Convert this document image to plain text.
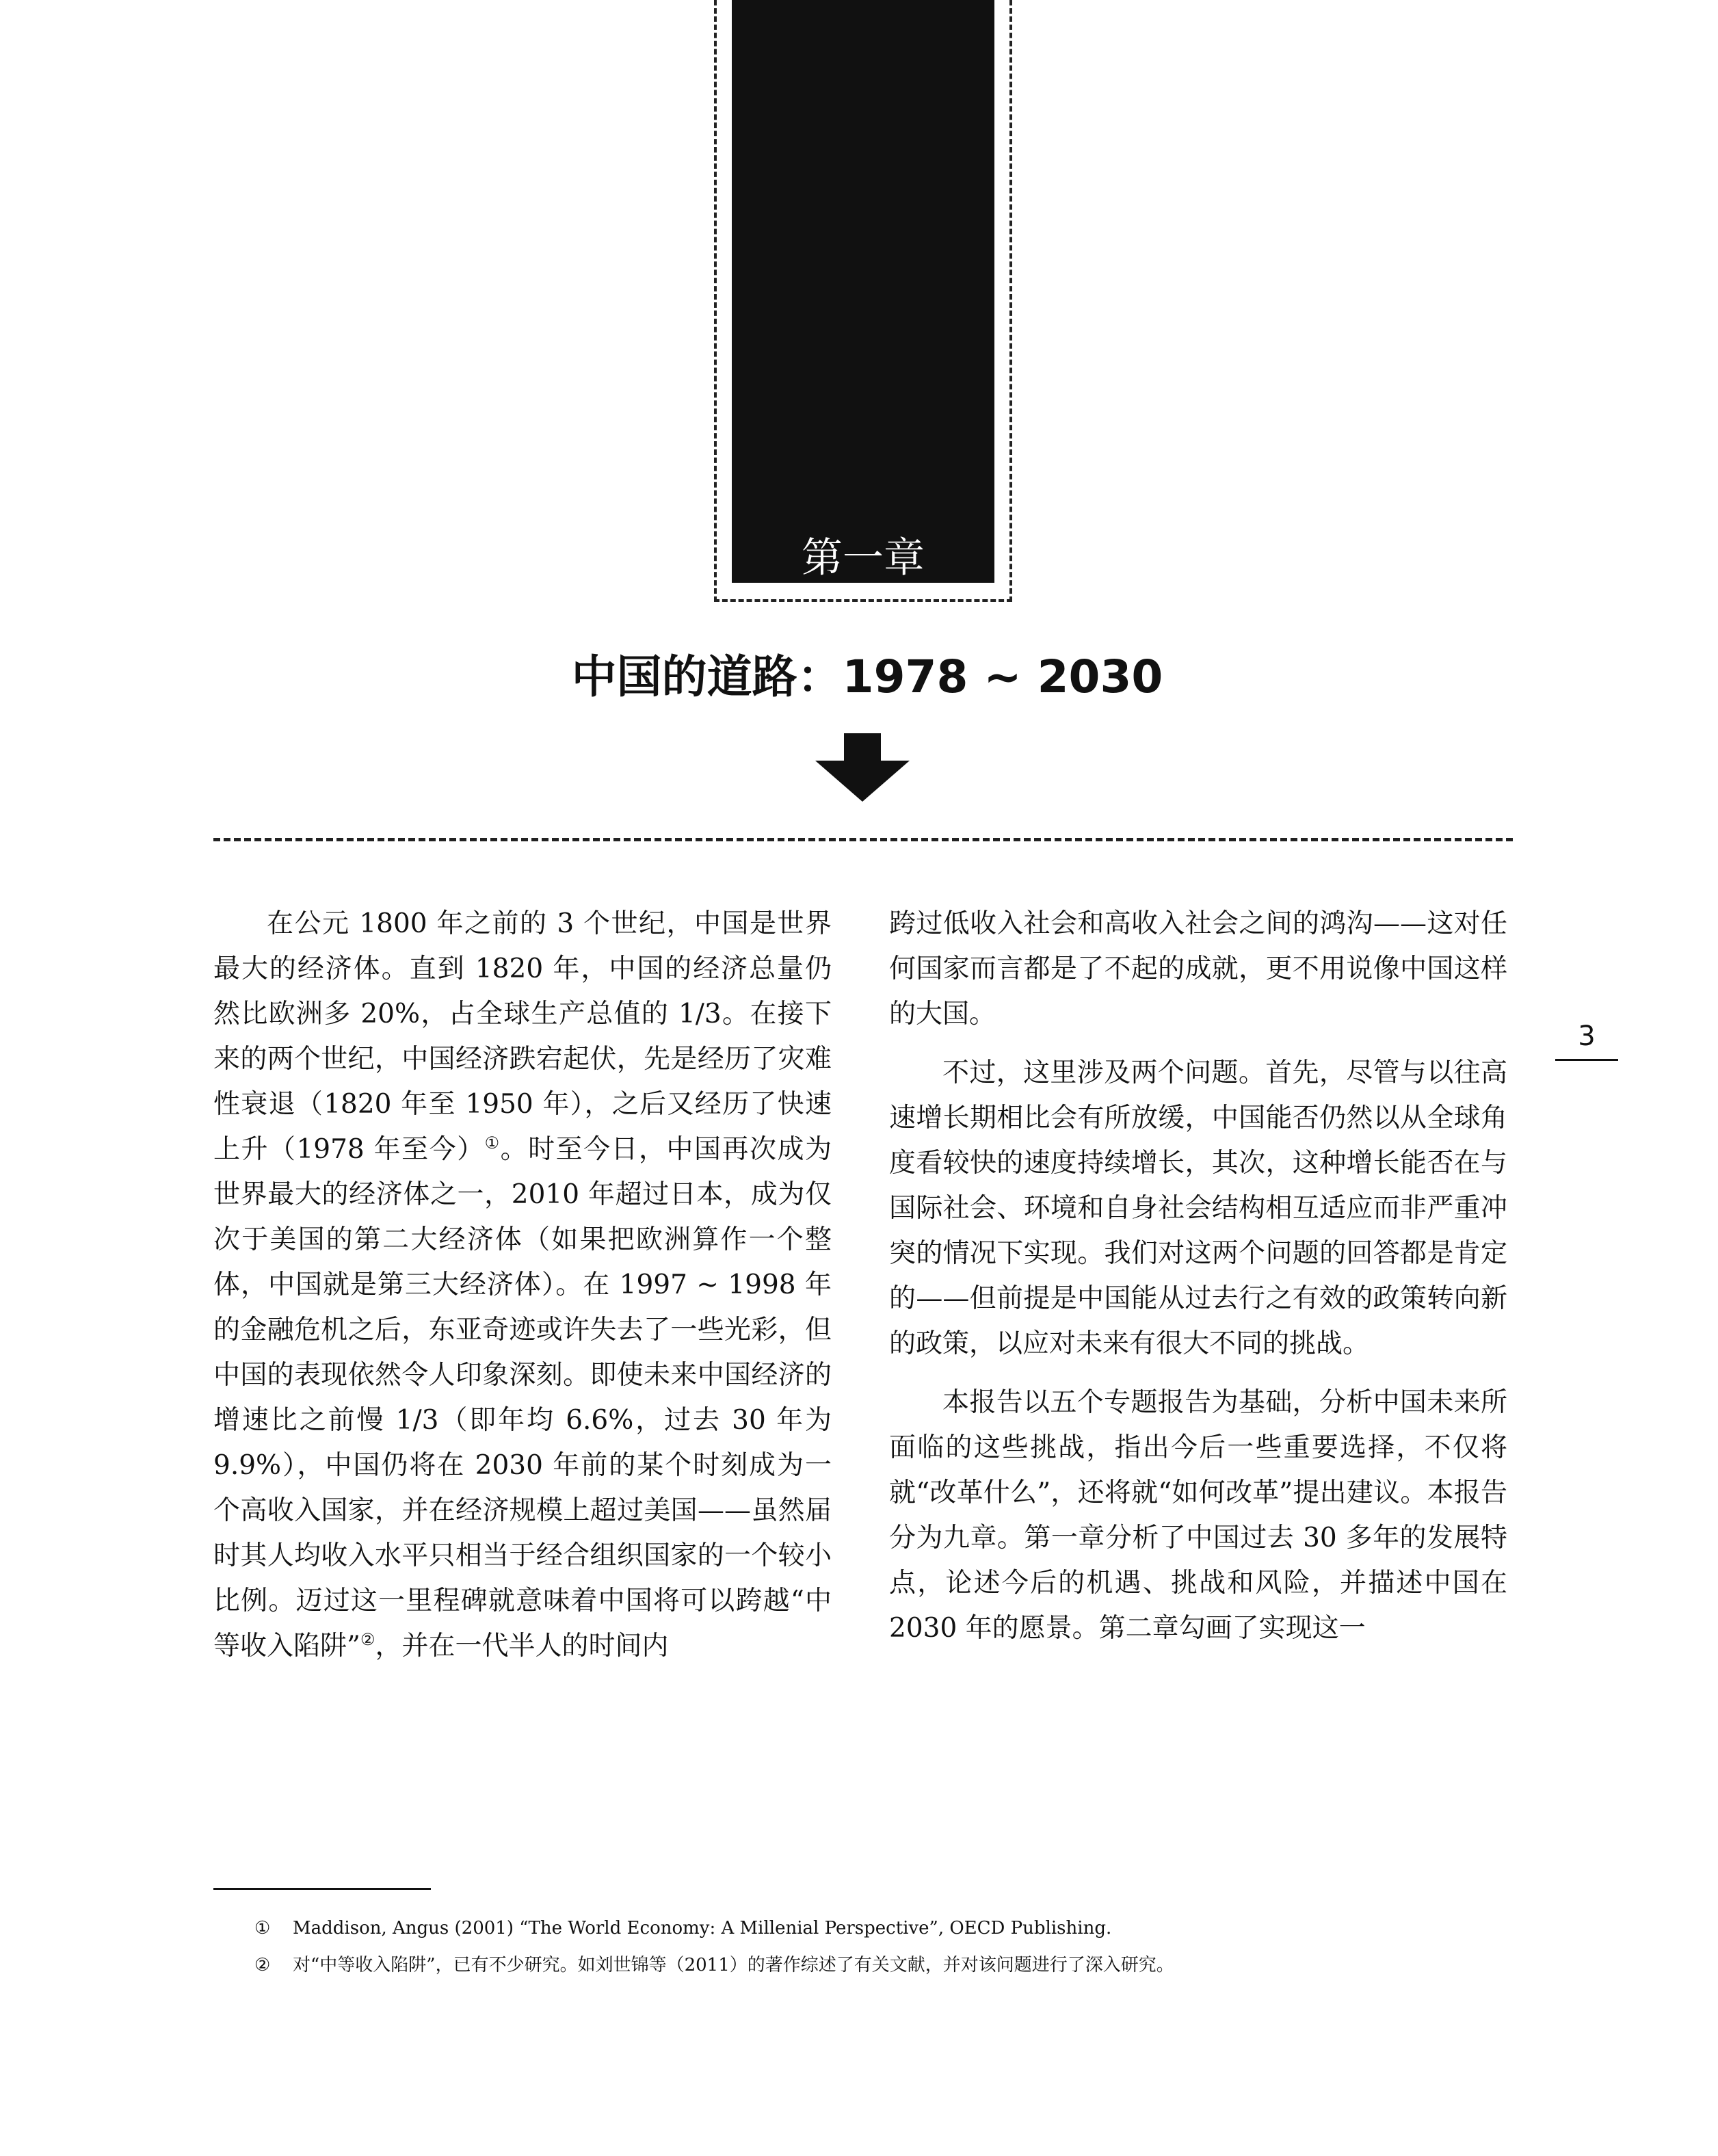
第一章
中国的道路：1978 ~ 2030

在公元 1800 年之前的 3 个世纪，中国是世界最大的经济体。直到 1820 年，中国的经济总量仍然比欧洲多 20%，占全球生产总值的 1/3。在接下来的两个世纪，中国经济跌宕起伏，先是经历了灾难性衰退（1820 年至 1950 年），之后又经历了快速上升（1978 年至今）①。时至今日，中国再次成为世界最大的经济体之一，2010 年超过日本，成为仅次于美国的第二大经济体（如果把欧洲算作一个整体，中国就是第三大经济体）。在 1997 ~ 1998 年的金融危机之后，东亚奇迹或许失去了一些光彩，但中国的表现依然令人印象深刻。即使未来中国经济的增速比之前慢 1/3（即年均 6.6%，过去 30 年为 9.9%），中国仍将在 2030 年前的某个时刻成为一个高收入国家，并在经济规模上超过美国——虽然届时其人均收入水平只相当于经合组织国家的一个较小比例。迈过这一里程碑就意味着中国将可以跨越“中等收入陷阱”②，并在一代半人的时间内

跨过低收入社会和高收入社会之间的鸿沟——这对任何国家而言都是了不起的成就，更不用说像中国这样的大国。

不过，这里涉及两个问题。首先，尽管与以往高速增长期相比会有所放缓，中国能否仍然以从全球角度看较快的速度持续增长，其次，这种增长能否在与国际社会、环境和自身社会结构相互适应而非严重冲突的情况下实现。我们对这两个问题的回答都是肯定的——但前提是中国能从过去行之有效的政策转向新的政策，以应对未来有很大不同的挑战。

本报告以五个专题报告为基础，分析中国未来所面临的这些挑战，指出今后一些重要选择，不仅将就“改革什么”，还将就“如何改革”提出建议。本报告分为九章。第一章分析了中国过去 30 多年的发展特点，论述今后的机遇、挑战和风险，并描述中国在 2030 年的愿景。第二章勾画了实现这一

3
① Maddison, Angus (2001) “The World Economy: A Millenial Perspective”, OECD Publishing.
② 对“中等收入陷阱”，已有不少研究。如刘世锦等（2011）的著作综述了有关文献，并对该问题进行了深入研究。
